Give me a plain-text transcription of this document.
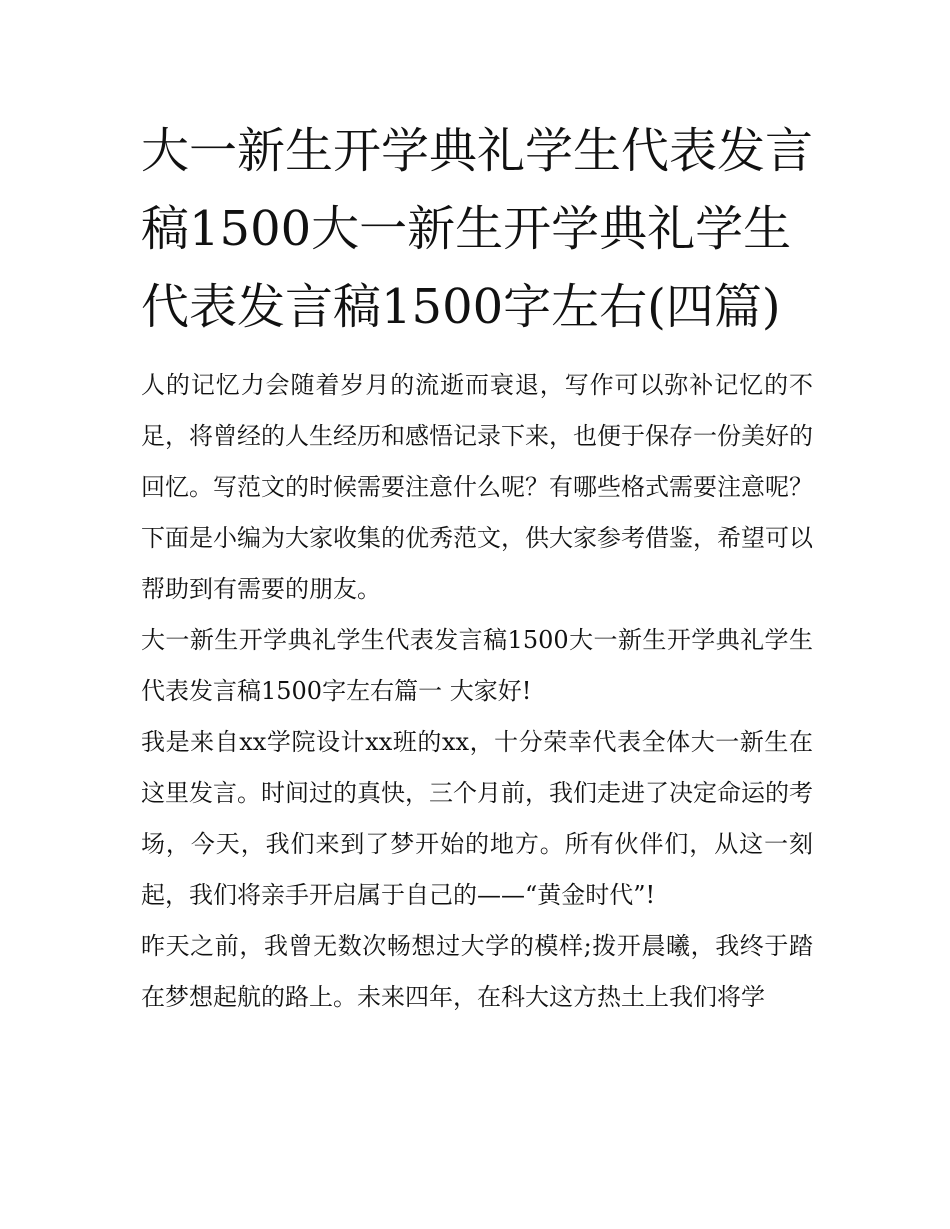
大一新生开学典礼学生代表发言稿1500大一新生开学典礼学生代表发言稿1500字左右(四篇)

人的记忆力会随着岁月的流逝而衰退，写作可以弥补记忆的不足，将曾经的人生经历和感悟记录下来，也便于保存一份美好的回忆。写范文的时候需要注意什么呢？有哪些格式需要注意呢？下面是小编为大家收集的优秀范文，供大家参考借鉴，希望可以帮助到有需要的朋友。

大一新生开学典礼学生代表发言稿1500大一新生开学典礼学生代表发言稿1500字左右篇一 大家好!

我是来自xx学院设计xx班的xx，十分荣幸代表全体大一新生在这里发言。时间过的真快，三个月前，我们走进了决定命运的考场，今天，我们来到了梦开始的地方。所有伙伴们，从这一刻起，我们将亲手开启属于自己的——“黄金时代”!

昨天之前，我曾无数次畅想过大学的模样;拨开晨曦，我终于踏在梦想起航的路上。未来四年，在科大这方热土上我们将学
